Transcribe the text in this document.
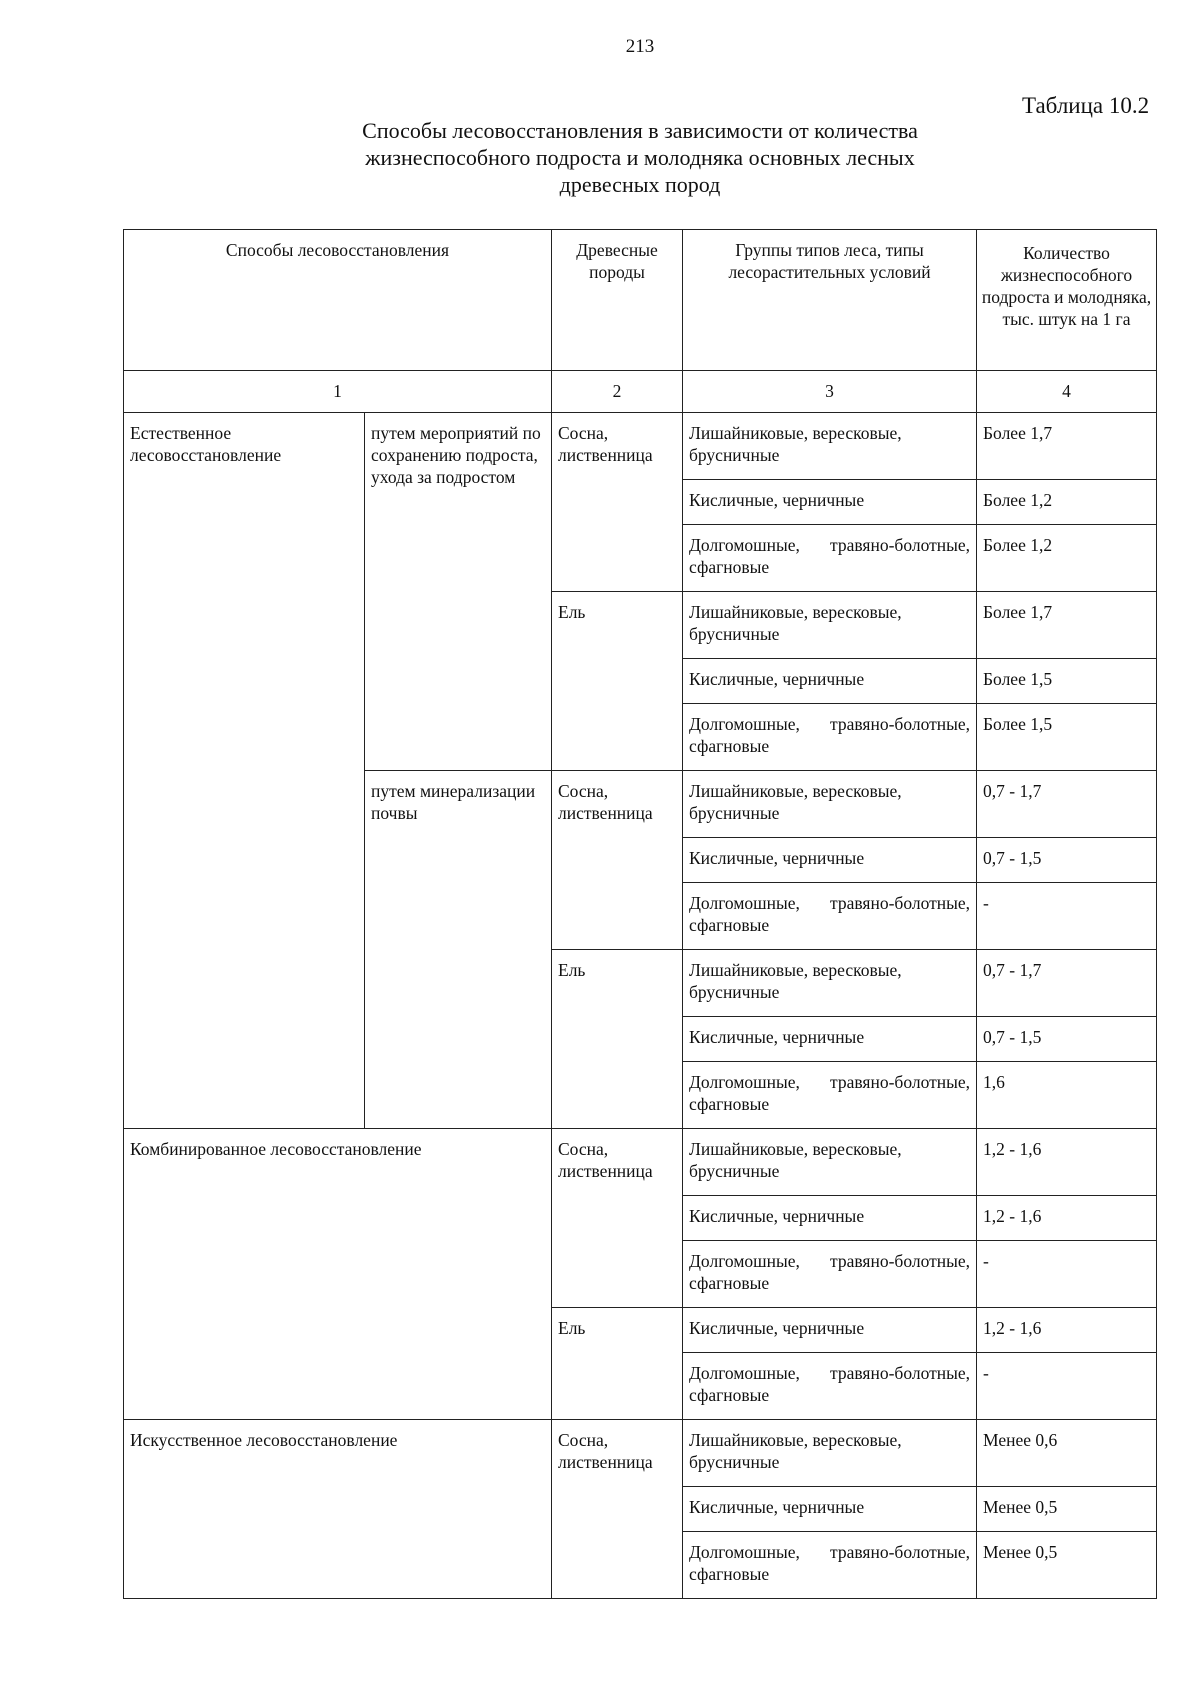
213
Таблица 10.2
Способы лесовосстановления в зависимости от количества
жизнеспособного подроста и молодняка основных лесных
древесных пород
Способы лесовосстановления		Древесные породы	Группы типов леса, типы лесорастительных условий	Количество жизнеспособного подроста и молодняка, тыс. штук на 1 га
1		2	3	4
Естественное лесовосстановление	путем мероприятий по сохранению подроста, ухода за подростом	Сосна, лиственница	Лишайниковые, вересковые, брусничные	Более 1,7
			Кисличные, черничные	Более 1,2
			Долгомошные, травяно-болотные, сфагновые	Более 1,2
		Ель	Лишайниковые, вересковые, брусничные	Более 1,7
			Кисличные, черничные	Более 1,5
			Долгомошные, травяно-болотные, сфагновые	Более 1,5
	путем минерализации почвы	Сосна, лиственница	Лишайниковые, вересковые, брусничные	0,7 - 1,7
			Кисличные, черничные	0,7 - 1,5
			Долгомошные, травяно-болотные, сфагновые	-
		Ель	Лишайниковые, вересковые, брусничные	0,7 - 1,7
			Кисличные, черничные	0,7 - 1,5
			Долгомошные, травяно-болотные, сфагновые	1,6
Комбинированное лесовосстановление		Сосна, лиственница	Лишайниковые, вересковые, брусничные	1,2 - 1,6
			Кисличные, черничные	1,2 - 1,6
			Долгомошные, травяно-болотные, сфагновые	-
		Ель	Кисличные, черничные	1,2 - 1,6
			Долгомошные, травяно-болотные, сфагновые	-
Искусственное лесовосстановление		Сосна, лиственница	Лишайниковые, вересковые, брусничные	Менее 0,6
			Кисличные, черничные	Менее 0,5
			Долгомошные, травяно-болотные, сфагновые	Менее 0,5
